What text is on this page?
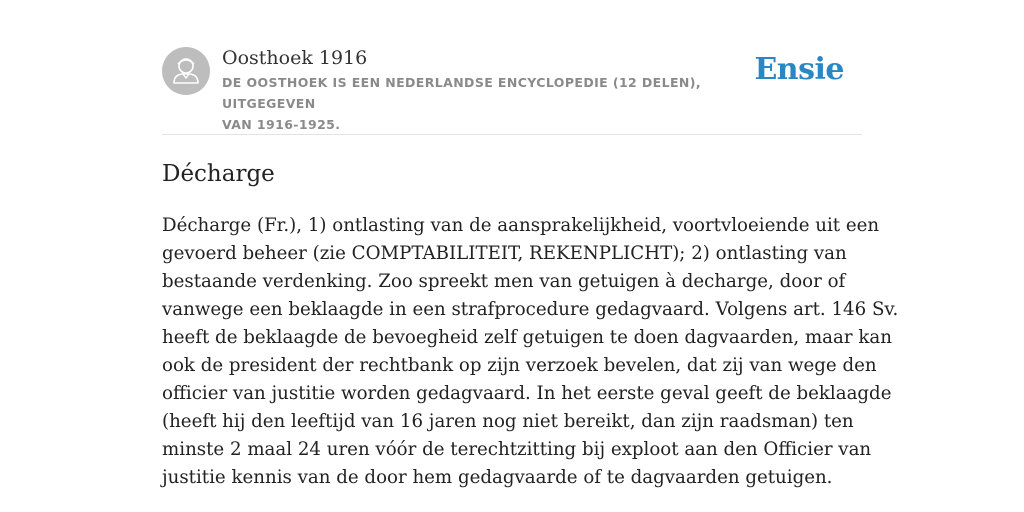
Oosthoek 1916
DE OOSTHOEK IS EEN NEDERLANDSE ENCYCLOPEDIE (12 DELEN), UITGEGEVEN
VAN 1916-1925.
Ensie
Décharge
Décharge (Fr.), 1) ontlasting van de aansprakelijkheid, voortvloeiende uit een
gevoerd beheer (zie COMPTABILITEIT, REKENPLICHT); 2) ontlasting van
bestaande verdenking. Zoo spreekt men van getuigen à decharge, door of
vanwege een beklaagde in een strafprocedure gedagvaard. Volgens art. 146 Sv.
heeft de beklaagde de bevoegheid zelf getuigen te doen dagvaarden, maar kan
ook de president der rechtbank op zijn verzoek bevelen, dat zij van wege den
officier van justitie worden gedagvaard. In het eerste geval geeft de beklaagde
(heeft hij den leeftijd van 16 jaren nog niet bereikt, dan zijn raadsman) ten
minste 2 maal 24 uren vóór de terechtzitting bij exploot aan den Officier van
justitie kennis van de door hem gedagvaarde of te dagvaarden getuigen.
